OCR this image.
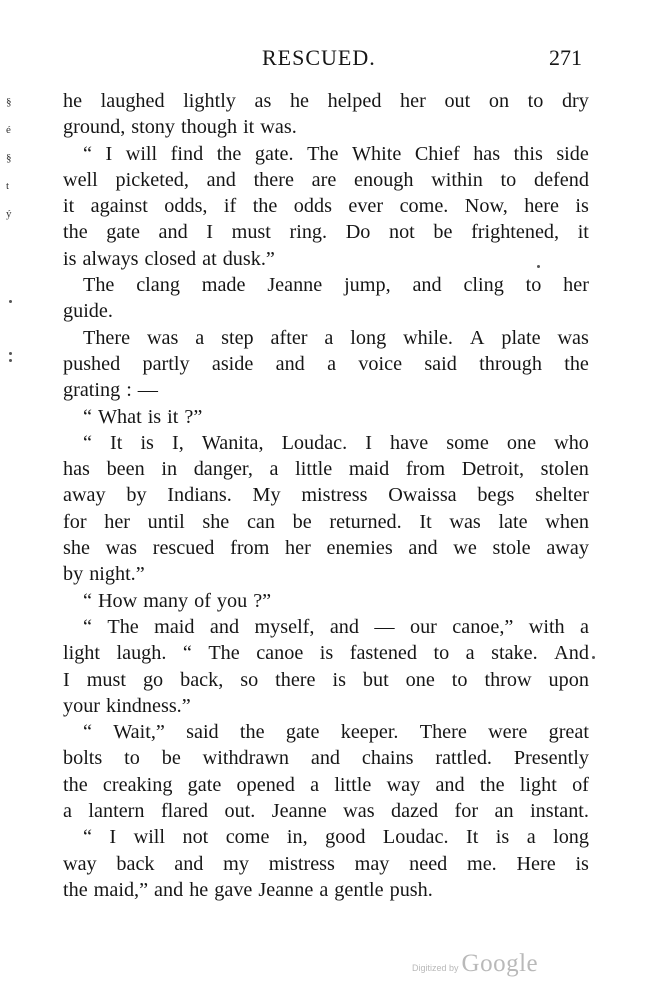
RESCUED.	271
§
é
§
t
ý
he laughed lightly as he helped her out on to dry
ground, stony though it was.
“ I will find the gate. The White Chief has this side
well picketed, and there are enough within to defend
it against odds, if the odds ever come. Now, here is
the gate and I must ring. Do not be frightened, it
is always closed at dusk.”
The clang made Jeanne jump, and cling to her
guide.
There was a step after a long while. A plate was
pushed partly aside and a voice said through the
grating : —
“ What is it ?”
“ It is I, Wanita, Loudac. I have some one who
has been in danger, a little maid from Detroit, stolen
away by Indians. My mistress Owaissa begs shelter
for her until she can be returned. It was late when
she was rescued from her enemies and we stole away
by night.”
“ How many of you ?”
“ The maid and myself, and — our canoe,” with a
light laugh. “ The canoe is fastened to a stake. And
I must go back, so there is but one to throw upon
your kindness.”
“ Wait,” said the gate keeper. There were great
bolts to be withdrawn and chains rattled. Presently
the creaking gate opened a little way and the light of
a lantern flared out. Jeanne was dazed for an instant.
“ I will not come in, good Loudac. It is a long
way back and my mistress may need me. Here is
the maid,” and he gave Jeanne a gentle push.
Digitized by Google
